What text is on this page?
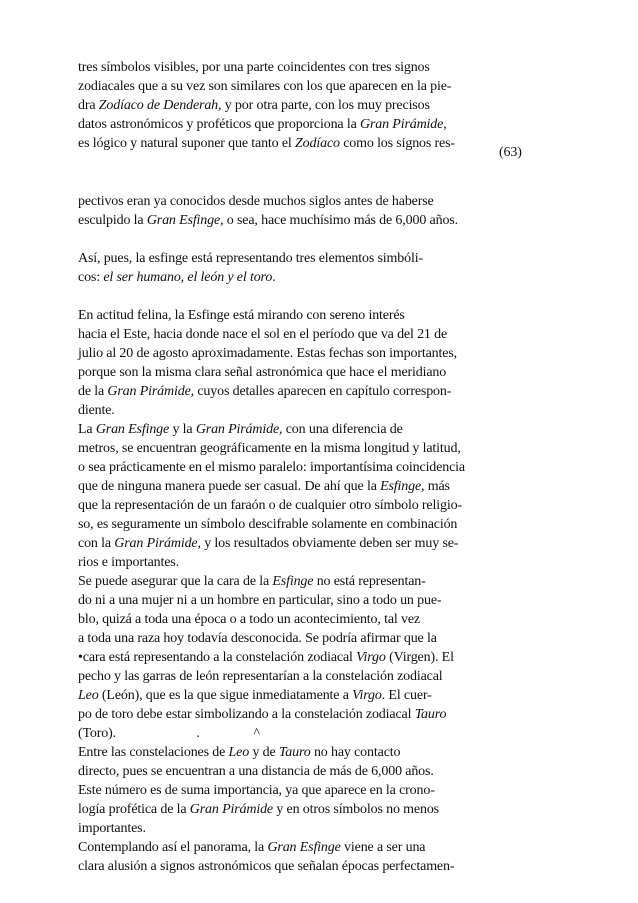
tres símbolos visibles, por una parte coincidentes con tres signos
zodiacales que a su vez son similares con los que aparecen en la pie-
dra Zodíaco de Denderah, y por otra parte, con los muy precisos
datos astronómicos y proféticos que proporciona la Gran Pirámide,
es lógico y natural suponer que tanto el Zodíaco como los signos res-
pectivos eran ya conocidos desde muchos siglos antes de haberse
esculpido la Gran Esfinge, o sea, hace muchísimo más de 6,000 años.
Así, pues, la esfinge está representando tres elementos simbóli-
cos: el ser humano, el león y el toro.
En actitud felina, la Esfinge está mirando con sereno interés
hacia el Este, hacia donde nace el sol en el período que va del 21 de
julio al 20 de agosto aproximadamente. Estas fechas son importantes,
porque son la misma clara señal astronómica que hace el meridiano
de la Gran Pirámide, cuyos detalles aparecen en capítulo correspon-
diente.
La Gran Esfinge y la Gran Pirámide, con una diferencia de
metros, se encuentran geográficamente en la misma longitud y latitud,
o sea prácticamente en el mismo paralelo: importantísima coincidencia
que de ninguna manera puede ser casual. De ahí que la Esfinge, más
que la representación de un faraón o de cualquier otro símbolo religio-
so, es seguramente un símbolo descifrable solamente en combinación
con la Gran Pirámide, y los resultados obviamente deben ser muy se-
rios e importantes.
Se puede asegurar que la cara de la Esfinge no está representan-
do ni a una mujer ni a un hombre en particular, sino a todo un pue-
blo, quizá a toda una época o a todo un acontecimiento, tal vez
a toda una raza hoy todavía desconocida. Se podría afirmar que la
•cara está representando a la constelación zodiacal Virgo (Virgen). El
pecho y las garras de león representarían a la constelación zodiacal
Leo (León), que es la que sigue inmediatamente a Virgo. El cuer-
po de toro debe estar simbolizando a la constelación zodiacal Tauro
(Toro).                        .                ^
Entre las constelaciones de Leo y de Tauro no hay contacto
directo, pues se encuentran a una distancia de más de 6,000 años.
Este número es de suma importancia, ya que aparece en la crono-
logía profética de la Gran Pirámide y en otros símbolos no menos
importantes.
Contemplando así el panorama, la Gran Esfinge viene a ser una
clara alusión a signos astronómicos que señalan épocas perfectamen-
(63)
